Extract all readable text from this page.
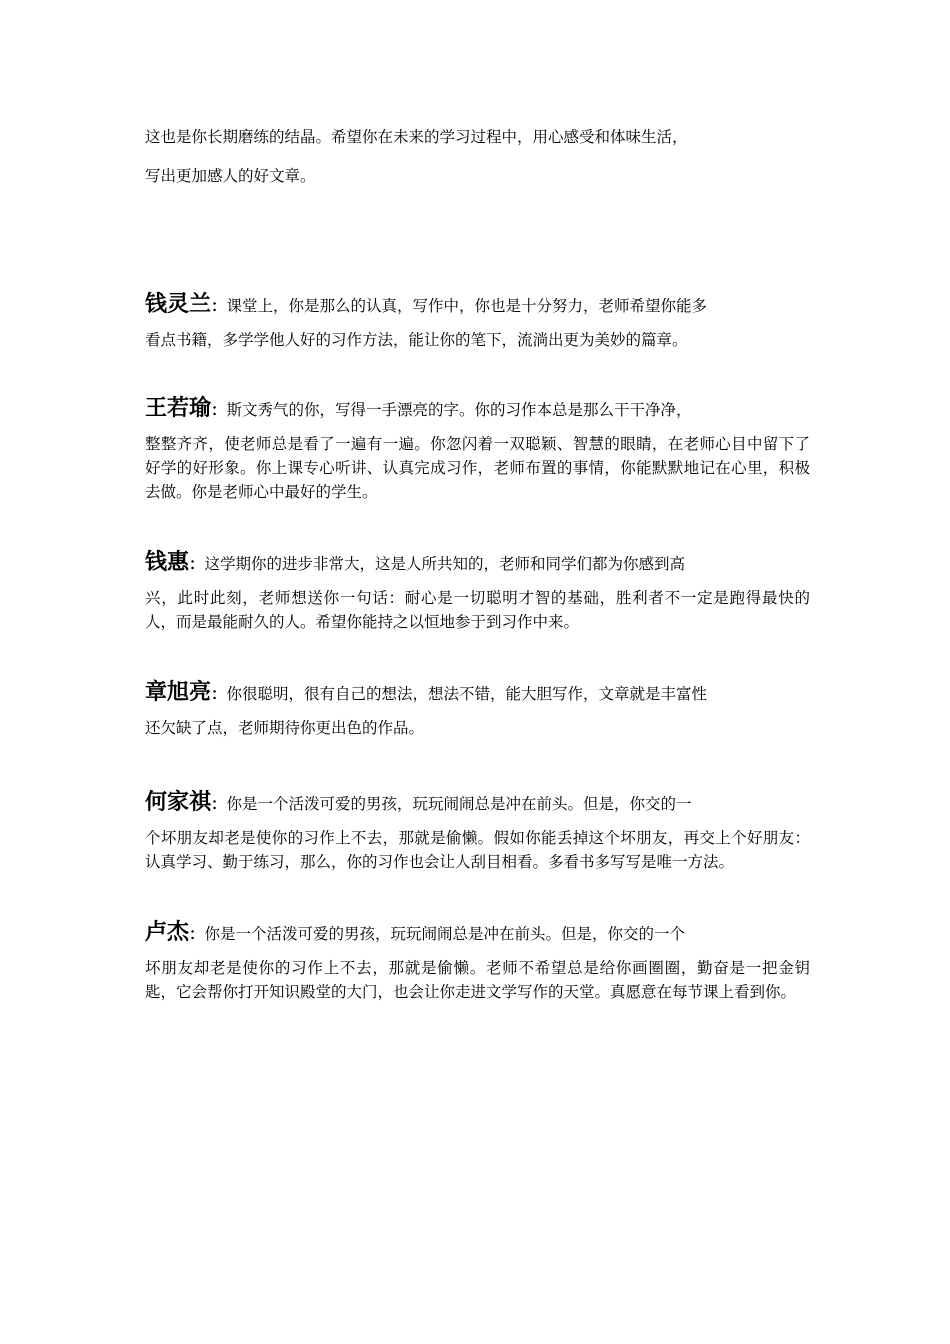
这也是你长期磨练的结晶。希望你在未来的学习过程中，用心感受和体味生活，
写出更加感人的好文章。

钱灵兰：课堂上，你是那么的认真，写作中，你也是十分努力，老师希望你能多
看点书籍，多学学他人好的习作方法，能让你的笔下，流淌出更为美妙的篇章。

王若瑜：斯文秀气的你，写得一手漂亮的字。你的习作本总是那么干干净净，
整整齐齐，使老师总是看了一遍有一遍。你忽闪着一双聪颖、智慧的眼睛，在老师心目中留下了好学的好形象。你上课专心听讲、认真完成习作，老师布置的事情，你能默默地记在心里，积极去做。你是老师心中最好的学生。

钱惠：这学期你的进步非常大，这是人所共知的，老师和同学们都为你感到高
兴，此时此刻，老师想送你一句话：耐心是一切聪明才智的基础，胜利者不一定是跑得最快的人，而是最能耐久的人。希望你能持之以恒地参于到习作中来。

章旭亮：你很聪明，很有自己的想法，想法不错，能大胆写作，文章就是丰富性
还欠缺了点，老师期待你更出色的作品。

何家祺：你是一个活泼可爱的男孩，玩玩闹闹总是冲在前头。但是，你交的一
个坏朋友却老是使你的习作上不去，那就是偷懒。假如你能丢掉这个坏朋友，再交上个好朋友：认真学习、勤于练习，那么，你的习作也会让人刮目相看。多看书多写写是唯一方法。

卢杰：你是一个活泼可爱的男孩，玩玩闹闹总是冲在前头。但是，你交的一个
坏朋友却老是使你的习作上不去，那就是偷懒。老师不希望总是给你画圈圈，勤奋是一把金钥匙，它会帮你打开知识殿堂的大门，也会让你走进文学写作的天堂。真愿意在每节课上看到你。
